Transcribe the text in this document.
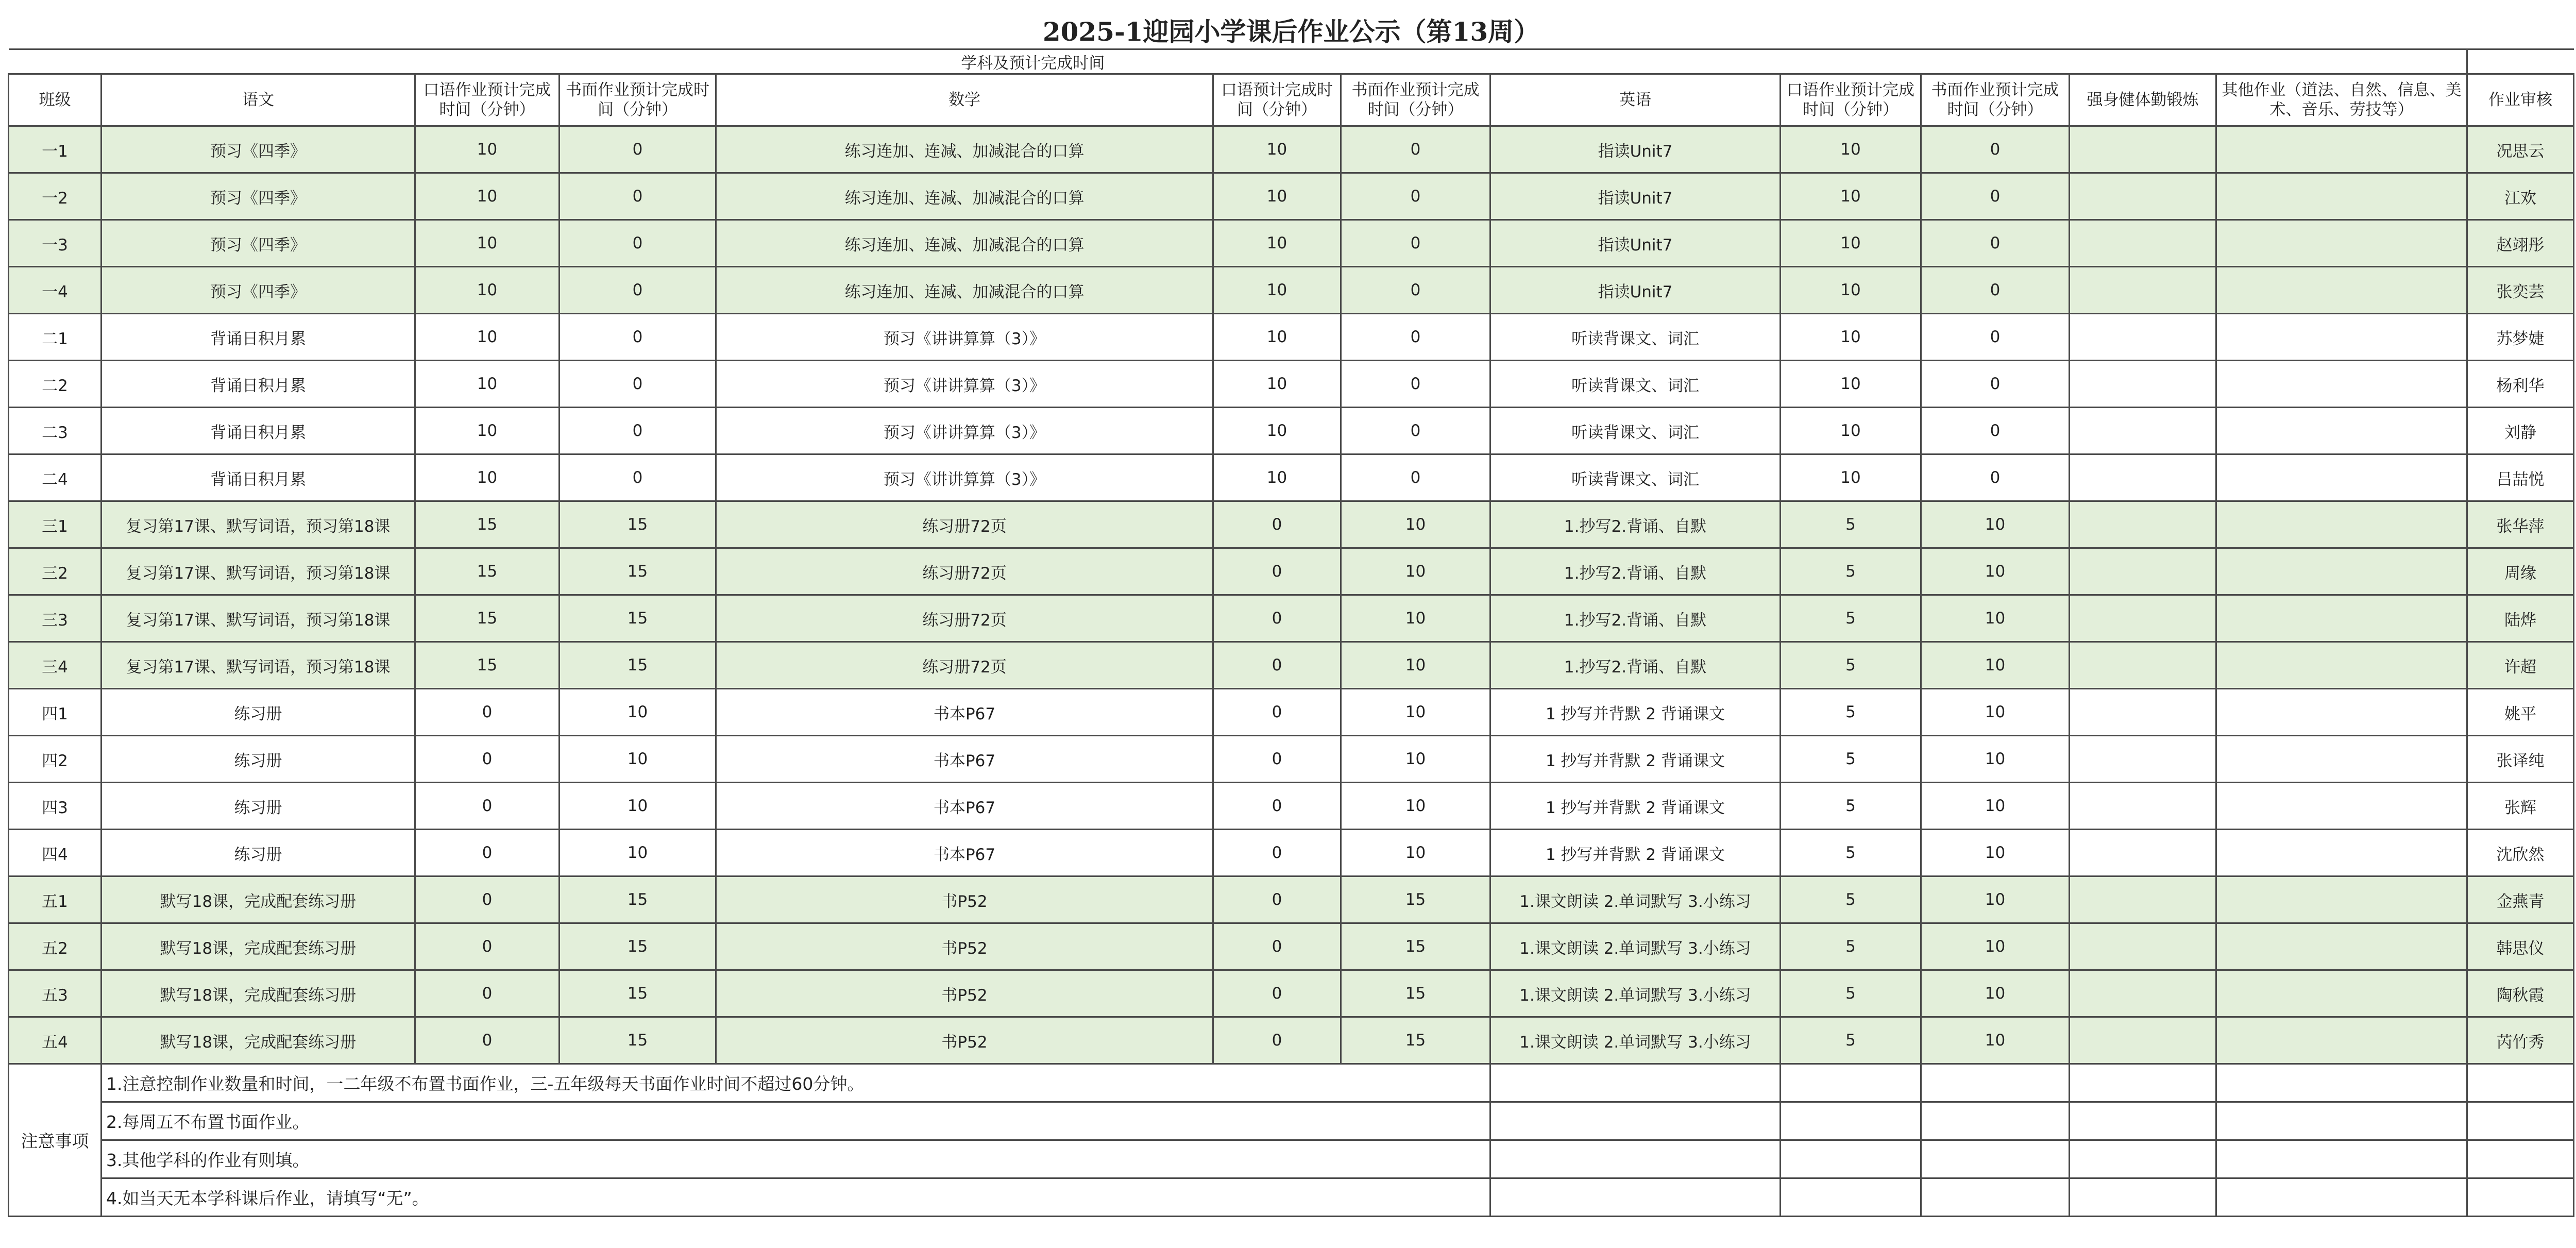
2025-1迎园小学课后作业公示（第13周）												
学科及预计完成时间												
班级	语文	口语作业预计完成时间（分钟）	书面作业预计完成时间（分钟）	数学	口语预计完成时间（分钟）	书面作业预计完成时间（分钟）	英语	口语作业预计完成时间（分钟）	书面作业预计完成时间（分钟）	强身健体勤锻炼	其他作业（道法、自然、信息、美术、音乐、劳技等）	作业审核
一1	预习《四季》	10	0	练习连加、连减、加减混合的口算	10	0	指读Unit7	10	0			况思云
一2	预习《四季》	10	0	练习连加、连减、加减混合的口算	10	0	指读Unit7	10	0			江欢
一3	预习《四季》	10	0	练习连加、连减、加减混合的口算	10	0	指读Unit7	10	0			赵翊彤
一4	预习《四季》	10	0	练习连加、连减、加减混合的口算	10	0	指读Unit7	10	0			张奕芸
二1	背诵日积月累	10	0	预习《讲讲算算（3）》	10	0	听读背课文、词汇	10	0			苏梦婕
二2	背诵日积月累	10	0	预习《讲讲算算（3）》	10	0	听读背课文、词汇	10	0			杨利华
二3	背诵日积月累	10	0	预习《讲讲算算（3）》	10	0	听读背课文、词汇	10	0			刘静
二4	背诵日积月累	10	0	预习《讲讲算算（3）》	10	0	听读背课文、词汇	10	0			吕喆悦
三1	复习第17课、默写词语，预习第18课	15	15	练习册72页	0	10	1.抄写2.背诵、自默	5	10			张华萍
三2	复习第17课、默写词语，预习第18课	15	15	练习册72页	0	10	1.抄写2.背诵、自默	5	10			周缘
三3	复习第17课、默写词语，预习第18课	15	15	练习册72页	0	10	1.抄写2.背诵、自默	5	10			陆烨
三4	复习第17课、默写词语，预习第18课	15	15	练习册72页	0	10	1.抄写2.背诵、自默	5	10			许超
四1	练习册	0	10	书本P67	0	10	1 抄写并背默 2 背诵课文	5	10			姚平
四2	练习册	0	10	书本P67	0	10	1 抄写并背默 2 背诵课文	5	10			张译纯
四3	练习册	0	10	书本P67	0	10	1 抄写并背默 2 背诵课文	5	10			张辉
四4	练习册	0	10	书本P67	0	10	1 抄写并背默 2 背诵课文	5	10			沈欣然
五1	默写18课，完成配套练习册	0	15	书P52	0	15	1.课文朗读 2.单词默写 3.小练习	5	10			金燕青
五2	默写18课，完成配套练习册	0	15	书P52	0	15	1.课文朗读 2.单词默写 3.小练习	5	10			韩思仪
五3	默写18课，完成配套练习册	0	15	书P52	0	15	1.课文朗读 2.单词默写 3.小练习	5	10			陶秋霞
五4	默写18课，完成配套练习册	0	15	书P52	0	15	1.课文朗读 2.单词默写 3.小练习	5	10			芮竹秀
注意事项	1.注意控制作业数量和时间，一二年级不布置书面作业，三-五年级每天书面作业时间不超过60分钟。											
	2.每周五不布置书面作业。											
	3.其他学科的作业有则填。											
	4.如当天无本学科课后作业，请填写“无”。											
